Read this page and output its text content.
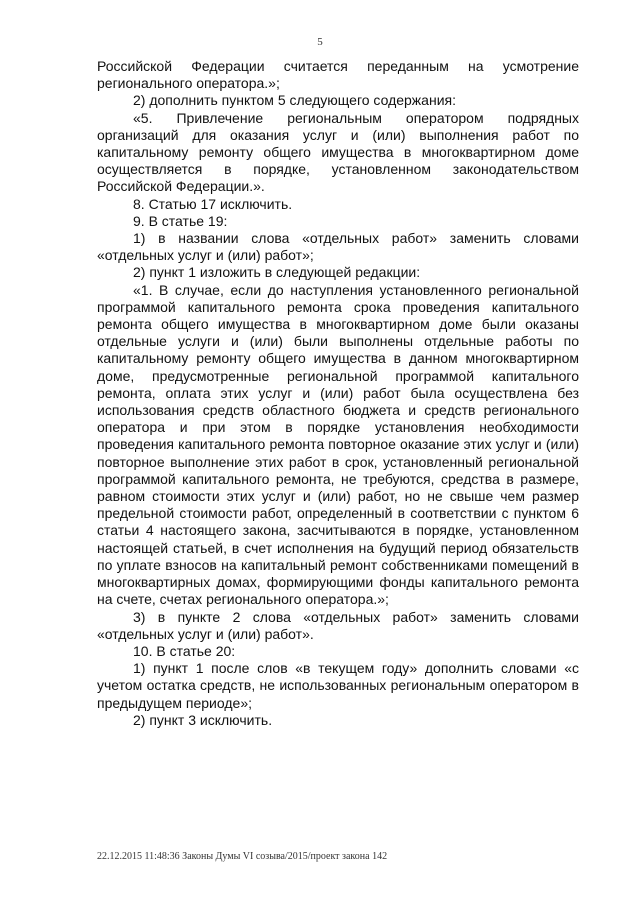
5

Российской Федерации считается переданным на усмотрение регионального оператора.»;

2) дополнить пунктом 5 следующего содержания:

«5. Привлечение региональным оператором подрядных организаций для оказания услуг и (или) выполнения работ по капитальному ремонту общего имущества в многоквартирном доме осуществляется в порядке, установленном законодательством Российской Федерации.».

8. Статью 17 исключить.

9. В статье 19:

1) в названии слова «отдельных работ» заменить словами «отдельных услуг и (или) работ»;

2) пункт 1 изложить в следующей редакции:

«1. В случае, если до наступления установленного региональной программой капитального ремонта срока проведения капитального ремонта общего имущества в многоквартирном доме были оказаны отдельные услуги и (или) были выполнены отдельные работы по капитальному ремонту общего имущества в данном многоквартирном доме, предусмотренные региональной программой капитального ремонта, оплата этих услуг и (или) работ была осуществлена без использования средств областного бюджета и средств регионального оператора и при этом в порядке установления необходимости проведения капитального ремонта повторное оказание этих услуг и (или) повторное выполнение этих работ в срок, установленный региональной программой капитального ремонта, не требуются, средства в размере, равном стоимости этих услуг и (или) работ, но не свыше чем размер предельной стоимости работ, определенный в соответствии с пунктом 6 статьи 4 настоящего закона, засчитываются в порядке, установленном настоящей статьей, в счет исполнения на будущий период обязательств по уплате взносов на капитальный ремонт собственниками помещений в многоквартирных домах, формирующими фонды капитального ремонта на счете, счетах регионального оператора.»;

3) в пункте 2 слова «отдельных работ» заменить словами «отдельных услуг и (или) работ».

10. В статье 20:

1) пункт 1 после слов «в текущем году» дополнить словами «с учетом остатка средств, не использованных региональным оператором в предыдущем периоде»;

2) пункт 3 исключить.

22.12.2015 11:48:36 Законы Думы VI созыва/2015/проект закона 142
